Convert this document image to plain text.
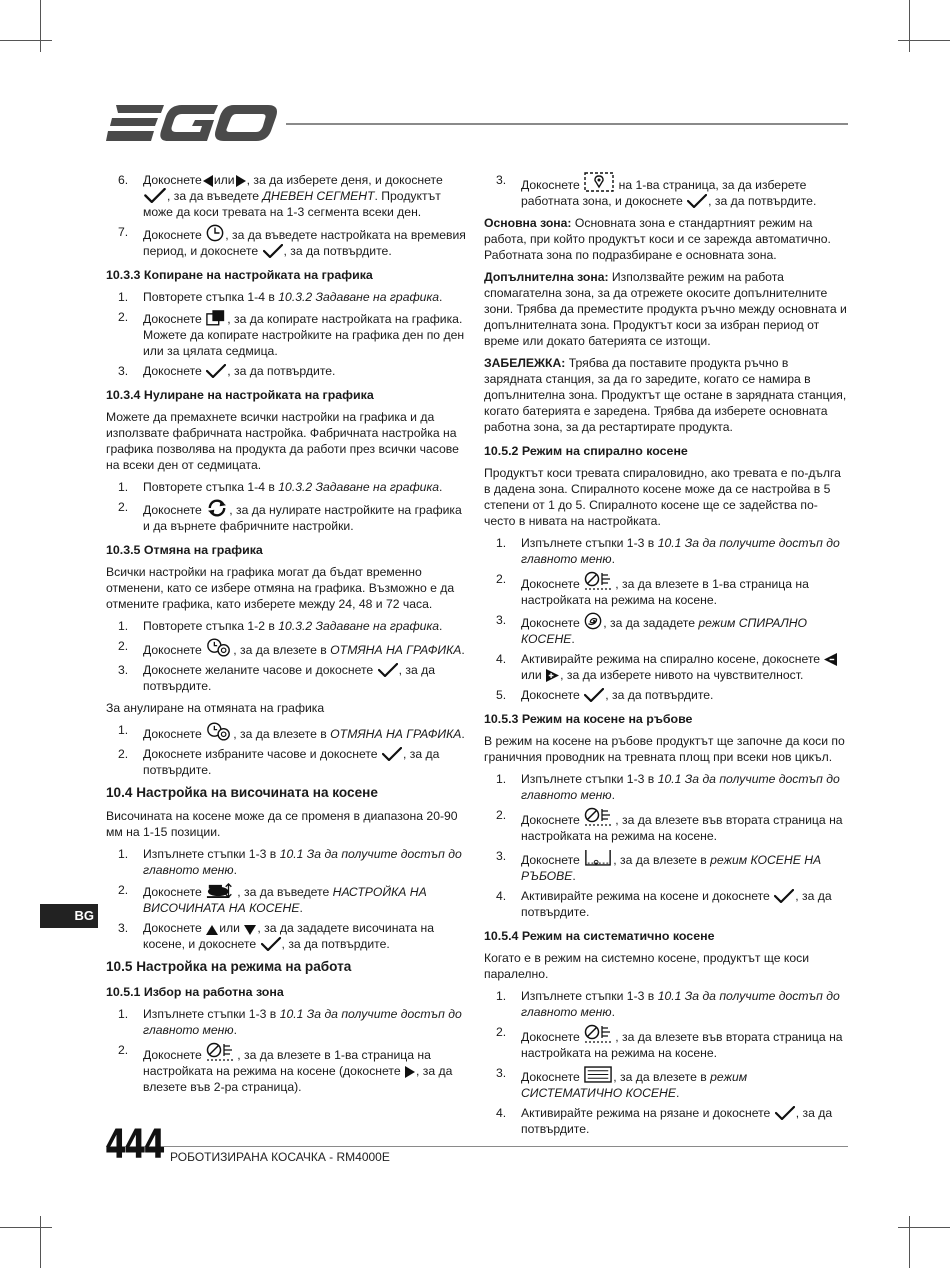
6. Докоснете или , за да изберете деня, и докоснете , за да въведете ДНЕВЕН СЕГМЕНТ. Продуктът може да коси тревата на 1-3 сегмента всеки ден.
7. Докоснете , за да въведете настройката на времевия период, и докоснете , за да потвърдите.
10.3.3 Копиране на настройката на графика
1. Повторете стъпка 1-4 в 10.3.2 Задаване на графика.
2. Докоснете , за да копирате настройката на графика. Можете да копирате настройките на графика ден по ден или за цялата седмица.
3. Докоснете , за да потвърдите.
10.3.4 Нулиране на настройката на графика

Можете да премахнете всички настройки на графика и да използвате фабричната настройка. Фабричната настройка на графика позволява на продукта да работи през всички часове на всеки ден от седмицата.

1. Повторете стъпка 1-4 в 10.3.2 Задаване на графика.
2. Докоснете , за да нулирате настройките на графика и да върнете фабричните настройки.
10.3.5 Отмяна на графика

Всички настройки на графика могат да бъдат временно отменени, като се избере отмяна на графика. Възможно е да отмените графика, като изберете между 24, 48 и 72 часа.

1. Повторете стъпка 1-2 в 10.3.2 Задаване на графика.
2. Докоснете	, за да влезете в ОТМЯНА НА ГРАФИКА.
3. Докоснете желаните часове и докоснете , за да потвърдите.

За анулиране на отмяната на графика

1. Докоснете	, за да влезете в ОТМЯНА НА ГРАФИКА.
2. Докоснете избраните часове и докоснете , за да потвърдите.
10.4 Настройка на височината на косене

Височината на косене може да се променя в диапазона 20-90 мм на 1-15 позиции.

1. Изпълнете стъпки 1-3 в 10.1 За да получите достъп до главното меню.
2. Докоснете	, за да въведете НАСТРОЙКА НА ВИСОЧИНАТА НА КОСЕНЕ.
3. Докоснете или , за да зададете височината на косене, и докоснете , за да потвърдите.
10.5 Настройка на режима на работа
10.5.1 Избор на работна зона
1. Изпълнете стъпки 1-3 в 10.1 За да получите достъп до главното меню.
2. Докоснете	, за да влезете в 1-ва страница на настройката на режима на косене (докоснете , за да влезете във 2-ра страница).
3. Докоснете	на 1-ва страница, за да изберете работната зона, и докоснете , за да потвърдите.

Основна зона: Основната зона е стандартният режим на работа, при който продуктът коси и се зарежда автоматично. Работната зона по подразбиране е основната зона.

Допълнителна зона: Използвайте режим на работа спомагателна зона, за да отрежете окосите допълнителните зони. Трябва да преместите продукта ръчно между основната и допълнителната зона. Продуктът коси за избран период от време или докато батерията се изтощи.

ЗАБЕЛЕЖКА: Трябва да поставите продукта ръчно в зарядната станция, за да го заредите, когато се намира в допълнителна зона. Продуктът ще остане в зарядната станция, когато батерията е заредена. Трябва да изберете основната работна зона, за да рестартирате продукта.

10.5.2 Режим на спирално косене

Продуктът коси тревата спираловидно, ако тревата е по-дълга в дадена зона. Спиралното косене може да се настройва в 5 степени от 1 до 5. Спиралното косене ще се задейства по-често в нивата на настройката.

1. Изпълнете стъпки 1-3 в 10.1 За да получите достъп до главното меню.
2. Докоснете	, за да влезете в 1-ва страница на настройката на режима на косене.
3. Докоснете , за да зададете режим СПИРАЛНО КОСЕНЕ.
4. Активирайте режима на спирално косене, докоснете или , за да изберете нивото на чувствителност.
5. Докоснете , за да потвърдите.
10.5.3 Режим на косене на ръбове

В режим на косене на ръбове продуктът ще започне да коси по граничния проводник на тревната площ при всеки нов цикъл.

1. Изпълнете стъпки 1-3 в 10.1 За да получите достъп до главното меню.
2. Докоснете	, за да влезете във втората страница на настройката на режима на косене.
3. Докоснете	, за да влезете в режим КОСЕНЕ НА РЪБОВЕ.
4. Активирайте режима на косене и докоснете , за да потвърдите.
10.5.4 Режим на систематично косене

Когато е в режим на системно косене, продуктът ще коси паралелно.

1. Изпълнете стъпки 1-3 в 10.1 За да получите достъп до главното меню.
2. Докоснете	, за да влезете във втората страница на настройката на режима на косене.
3. Докоснете	, за да влезете в режим СИСТЕМАТИЧНО КОСЕНЕ.
4. Активирайте режима на рязане и докоснете , за да потвърдите.
BG
444 РОБОТИЗИРАНА КОСАЧКА - RM4000E
